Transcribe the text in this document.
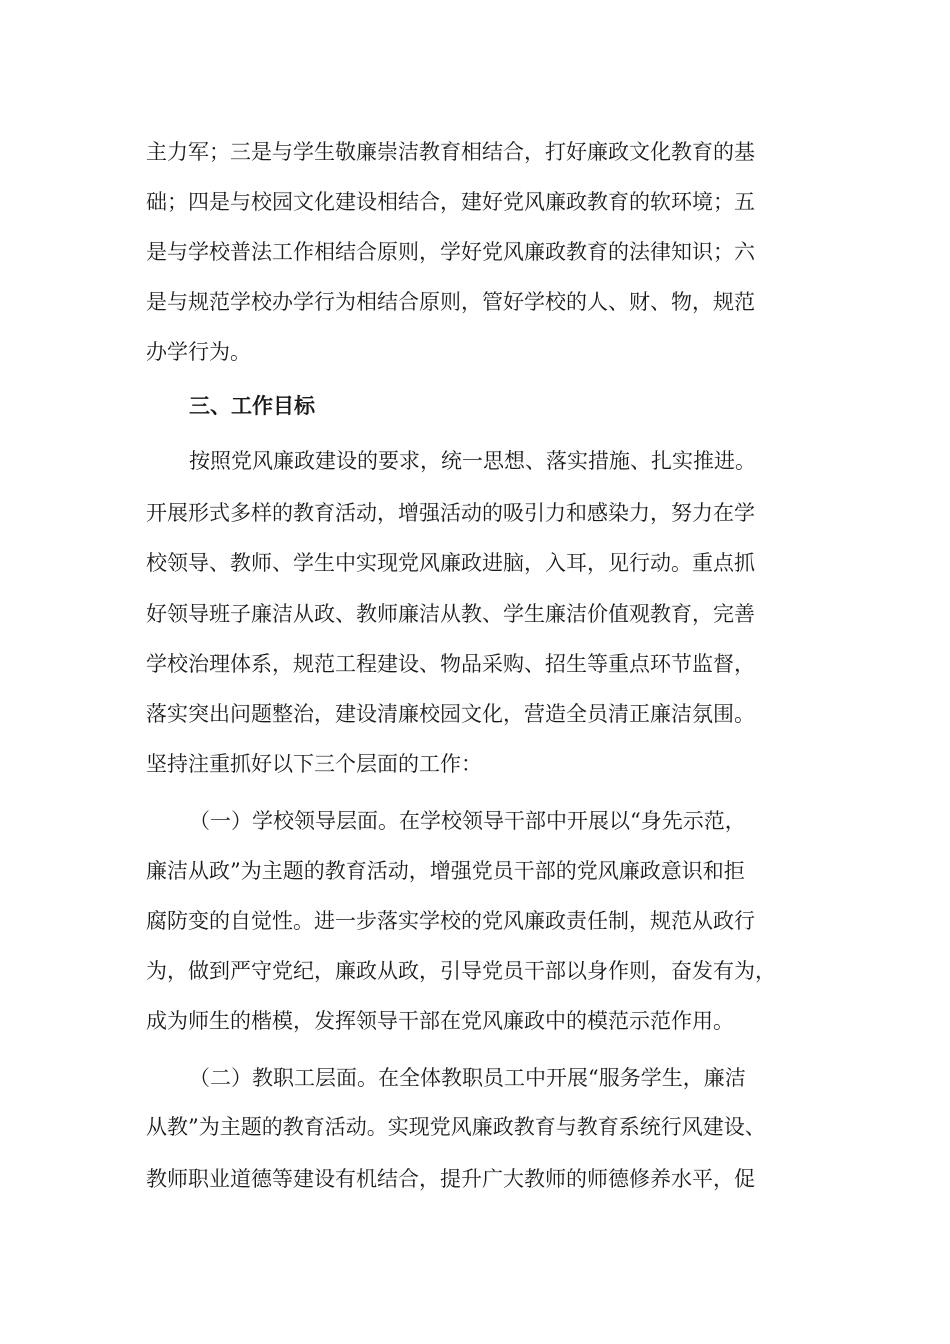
主力军；三是与学生敬廉崇洁教育相结合，打好廉政文化教育的基
础；四是与校园文化建设相结合，建好党风廉政教育的软环境；五
是与学校普法工作相结合原则，学好党风廉政教育的法律知识；六
是与规范学校办学行为相结合原则，管好学校的人、财、物，规范
办学行为。
三、工作目标
按照党风廉政建设的要求，统一思想、落实措施、扎实推进。
开展形式多样的教育活动，增强活动的吸引力和感染力，努力在学
校领导、教师、学生中实现党风廉政进脑，入耳，见行动。重点抓
好领导班子廉洁从政、教师廉洁从教、学生廉洁价值观教育，完善
学校治理体系，规范工程建设、物品采购、招生等重点环节监督，
落实突出问题整治，建设清廉校园文化，营造全员清正廉洁氛围。
坚持注重抓好以下三个层面的工作：
（一）学校领导层面。在学校领导干部中开展以“身先示范，
廉洁从政”为主题的教育活动，增强党员干部的党风廉政意识和拒
腐防变的自觉性。进一步落实学校的党风廉政责任制，规范从政行
为，做到严守党纪，廉政从政，引导党员干部以身作则，奋发有为，
成为师生的楷模，发挥领导干部在党风廉政中的模范示范作用。
（二）教职工层面。在全体教职员工中开展“服务学生，廉洁
从教”为主题的教育活动。实现党风廉政教育与教育系统行风建设、
教师职业道德等建设有机结合，提升广大教师的师德修养水平，促
